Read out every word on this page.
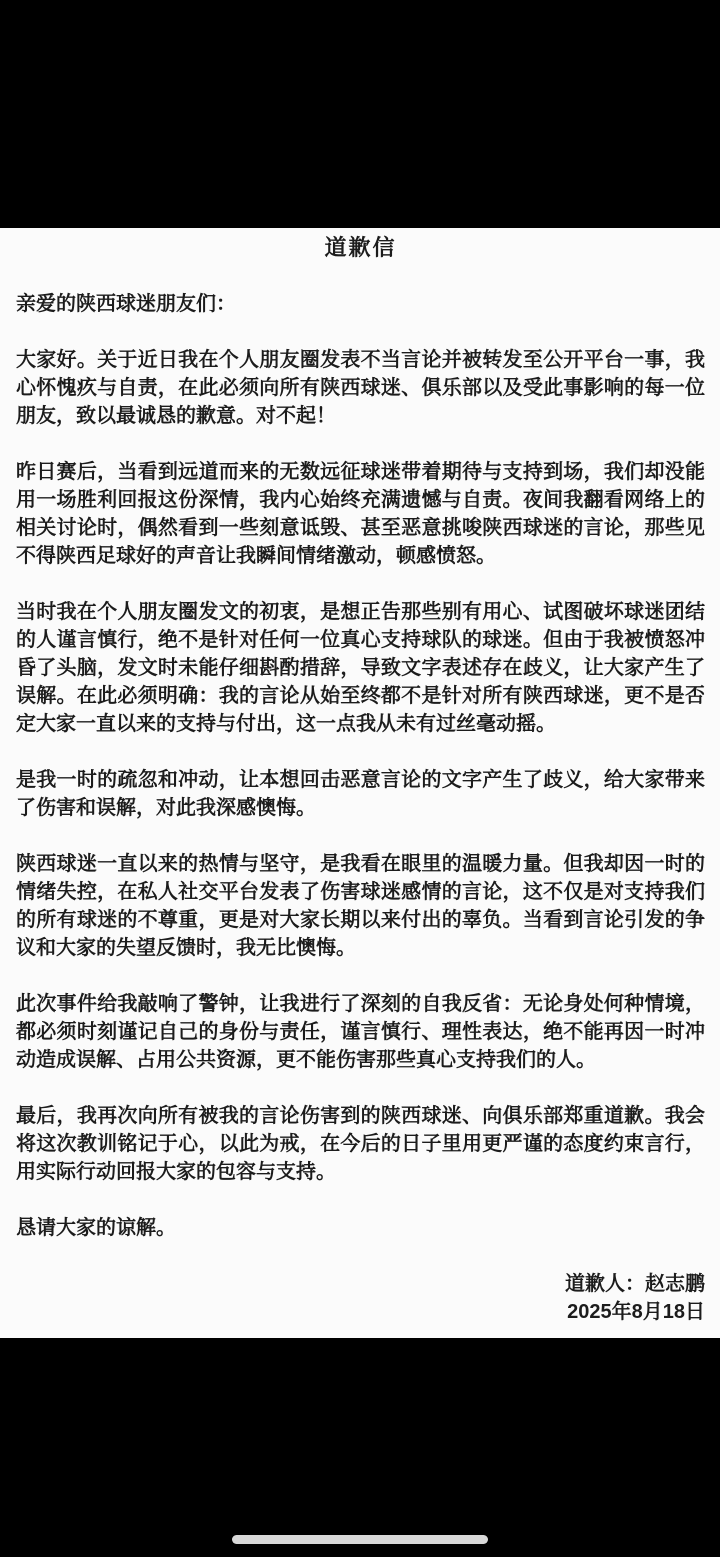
道歉信

亲爱的陕西球迷朋友们：

大家好。关于近日我在个人朋友圈发表不当言论并被转发至公开平台一事，我心怀愧疚与自责，在此必须向所有陕西球迷、俱乐部以及受此事影响的每一位朋友，致以最诚恳的歉意。对不起！

昨日赛后，当看到远道而来的无数远征球迷带着期待与支持到场，我们却没能用一场胜利回报这份深情，我内心始终充满遗憾与自责。夜间我翻看网络上的相关讨论时，偶然看到一些刻意诋毁、甚至恶意挑唆陕西球迷的言论，那些见不得陕西足球好的声音让我瞬间情绪激动，顿感愤怒。

当时我在个人朋友圈发文的初衷，是想正告那些别有用心、试图破坏球迷团结的人谨言慎行，绝不是针对任何一位真心支持球队的球迷。但由于我被愤怒冲昏了头脑，发文时未能仔细斟酌措辞，导致文字表述存在歧义，让大家产生了误解。在此必须明确：我的言论从始至终都不是针对所有陕西球迷，更不是否定大家一直以来的支持与付出，这一点我从未有过丝毫动摇。

是我一时的疏忽和冲动，让本想回击恶意言论的文字产生了歧义，给大家带来了伤害和误解，对此我深感懊悔。

陕西球迷一直以来的热情与坚守，是我看在眼里的温暖力量。但我却因一时的情绪失控，在私人社交平台发表了伤害球迷感情的言论，这不仅是对支持我们的所有球迷的不尊重，更是对大家长期以来付出的辜负。当看到言论引发的争议和大家的失望反馈时，我无比懊悔。

此次事件给我敲响了警钟，让我进行了深刻的自我反省：无论身处何种情境，都必须时刻谨记自己的身份与责任，谨言慎行、理性表达，绝不能再因一时冲动造成误解、占用公共资源，更不能伤害那些真心支持我们的人。

最后，我再次向所有被我的言论伤害到的陕西球迷、向俱乐部郑重道歉。我会将这次教训铭记于心，以此为戒，在今后的日子里用更严谨的态度约束言行，用实际行动回报大家的包容与支持。

恳请大家的谅解。

道歉人：赵志鹏
2025年8月18日
